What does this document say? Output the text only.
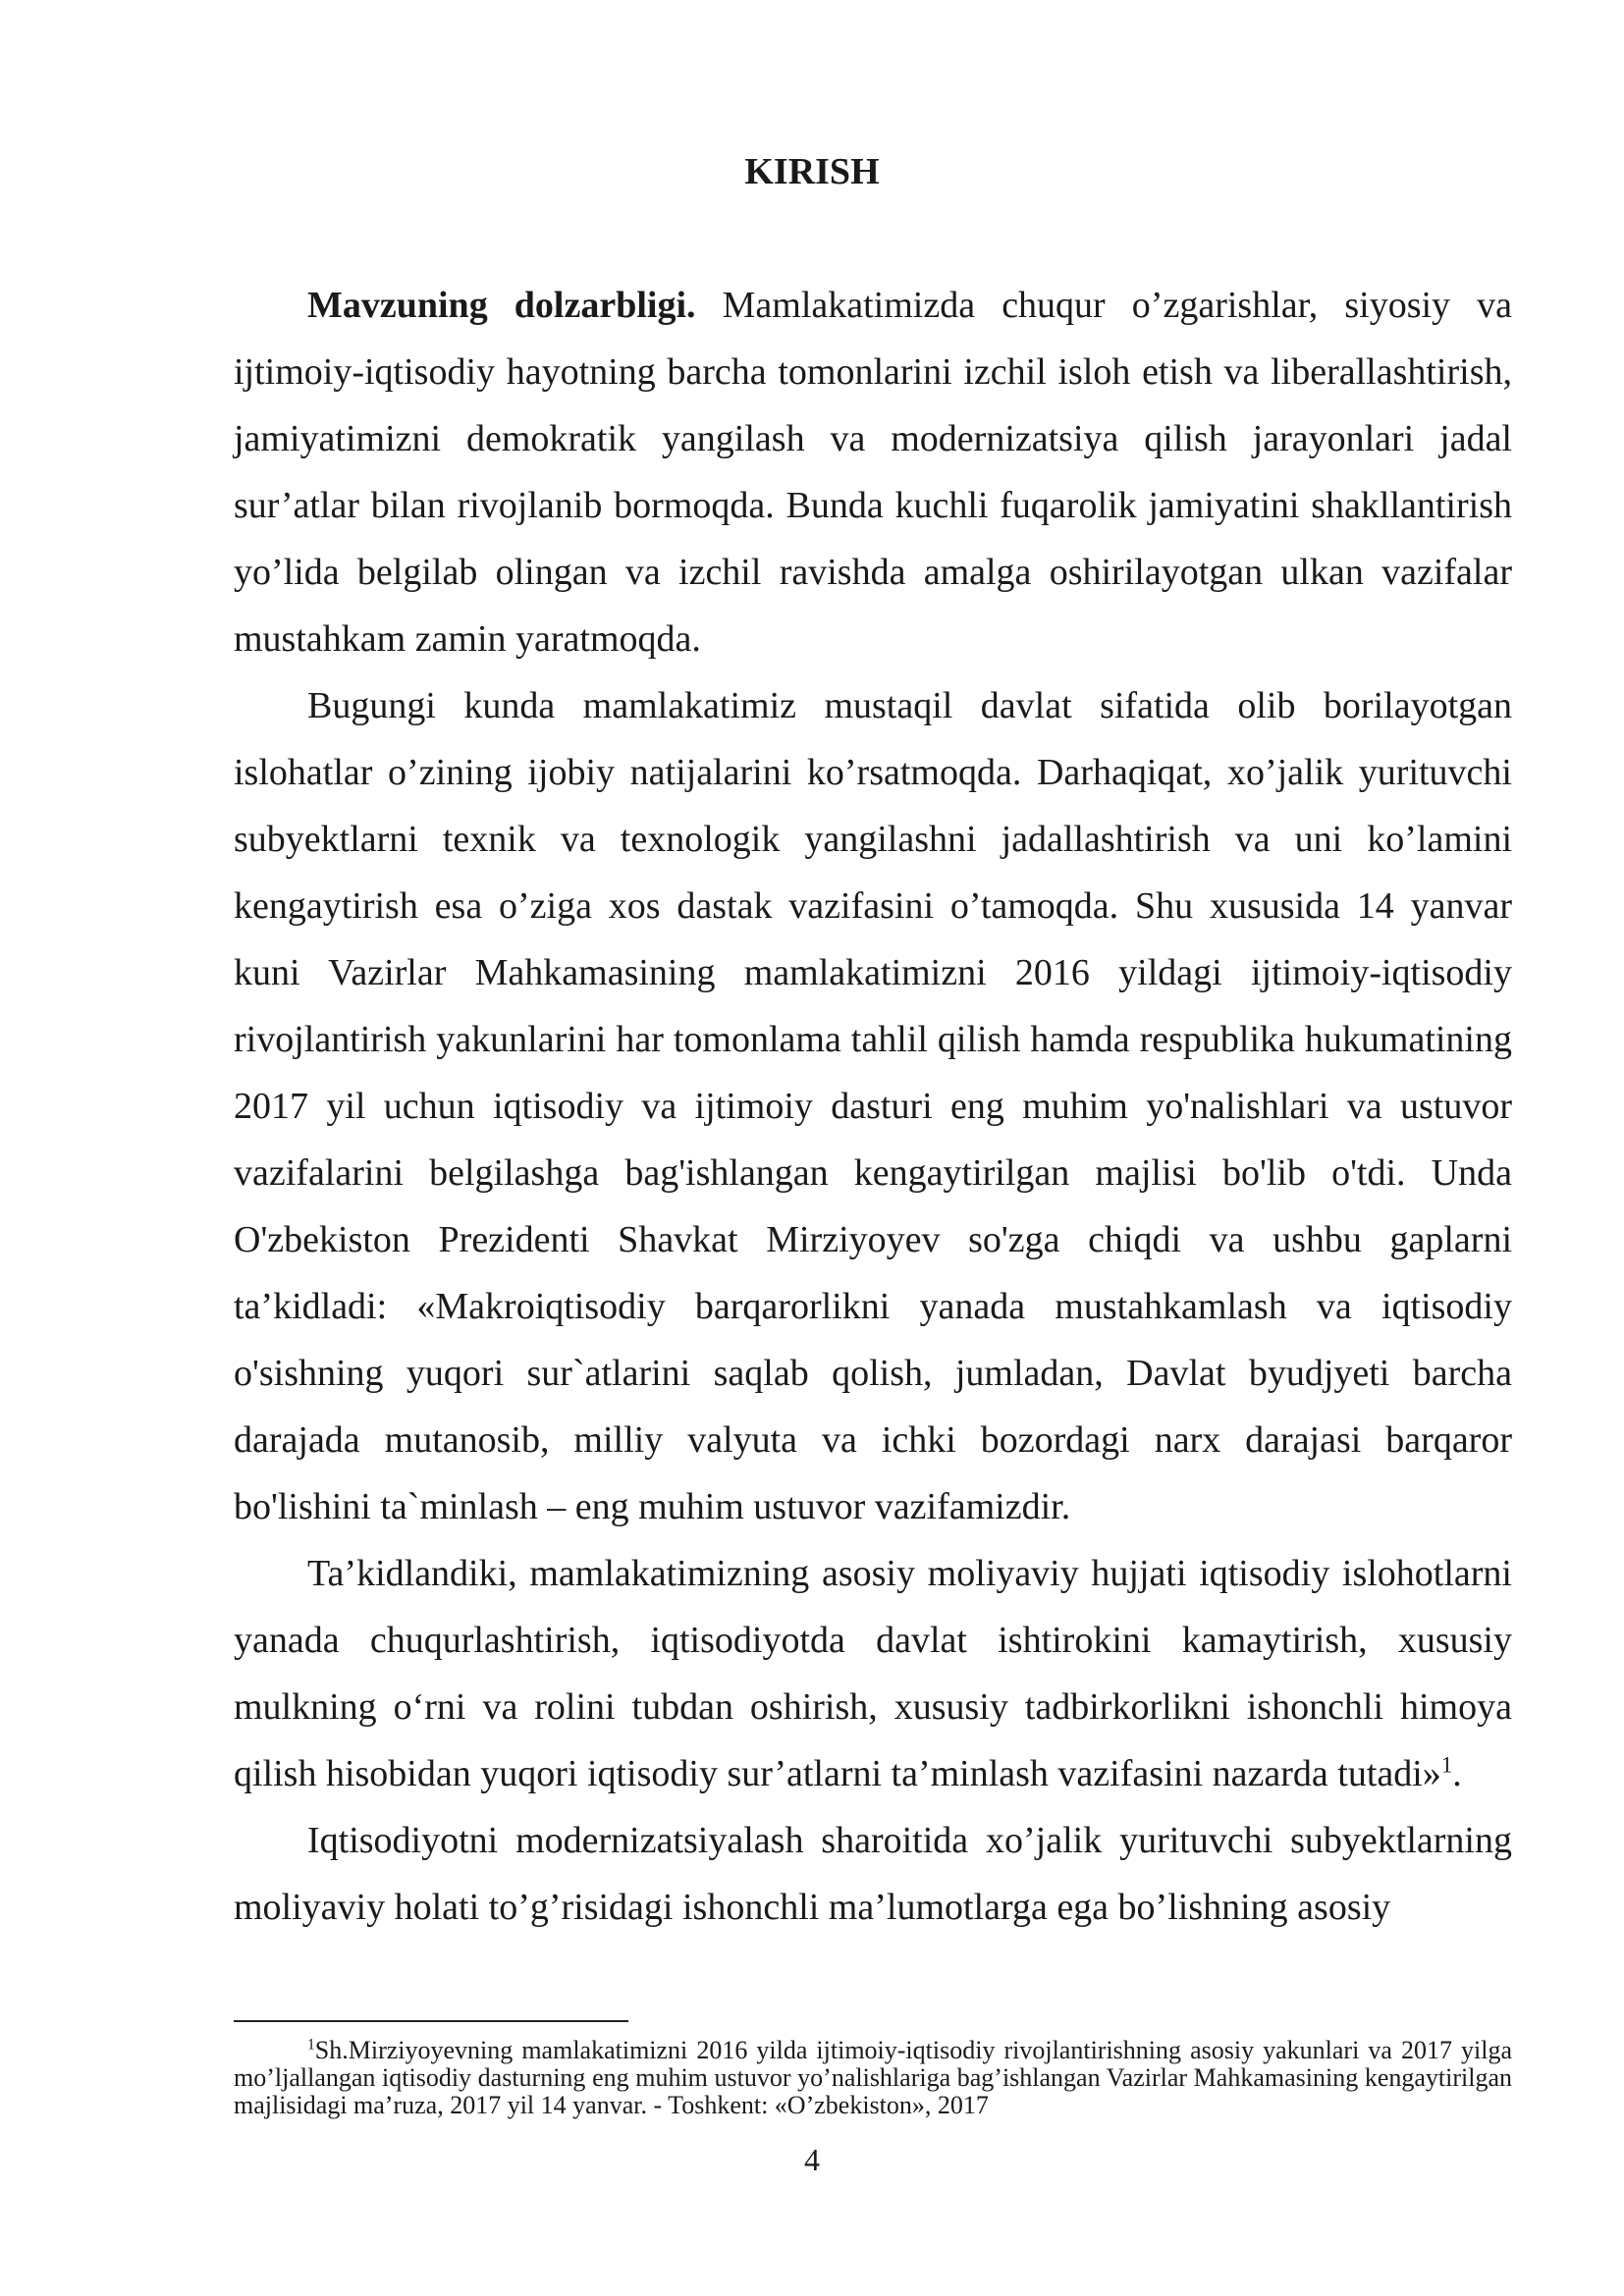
KIRISH

Mavzuning dolzarbligi. Mamlakatimizda chuqur o’zgarishlar, siyosiy va ijtimoiy-iqtisodiy hayotning barcha tomonlarini izchil isloh etish va liberallashtirish, jamiyatimizni demokratik yangilash va modernizatsiya qilish jarayonlari jadal sur’atlar bilan rivojlanib bormoqda. Bunda kuchli fuqarolik jamiyatini shakllantirish yo’lida belgilab olingan va izchil ravishda amalga oshirilayotgan ulkan vazifalar mustahkam zamin yaratmoqda.

Bugungi kunda mamlakatimiz mustaqil davlat sifatida olib borilayotgan islohatlar o’zining ijobiy natijalarini ko’rsatmoqda. Darhaqiqat, xo’jalik yurituvchi subyektlarni texnik va texnologik yangilashni jadallashtirish va uni ko’lamini kengaytirish esa o’ziga xos dastak vazifasini o’tamoqda. Shu xususida 14 yanvar kuni Vazirlar Mahkamasining mamlakatimizni 2016 yildagi ijtimoiy-iqtisodiy rivojlantirish yakunlarini har tomonlama tahlil qilish hamda respublika hukumatining 2017 yil uchun iqtisodiy va ijtimoiy dasturi eng muhim yo'nalishlari va ustuvor vazifalarini belgilashga bag'ishlangan kengaytirilgan majlisi bo'lib o'tdi. Unda O'zbekiston Prezidenti Shavkat Mirziyoyev so'zga chiqdi va ushbu gaplarni ta’kidladi: «Makroiqtisodiy barqarorlikni yanada mustahkamlash va iqtisodiy o'sishning yuqori sur`atlarini saqlab qolish, jumladan, Davlat byudjyeti barcha darajada mutanosib, milliy valyuta va ichki bozordagi narx darajasi barqaror bo'lishini ta`minlash – eng muhim ustuvor vazifamizdir.

Ta’kidlandiki, mamlakatimizning asosiy moliyaviy hujjati iqtisodiy islohotlarni yanada chuqurlashtirish, iqtisodiyotda davlat ishtirokini kamaytirish, xususiy mulkning o‘rni va rolini tubdan oshirish, xususiy tadbirkorlikni ishonchli himoya qilish hisobidan yuqori iqtisodiy sur’atlarni ta’minlash vazifasini nazarda tutadi»$^1$.

Iqtisodiyotni modernizatsiyalash sharoitida xo’jalik yurituvchi subyektlarning moliyaviy holati to’g’risidagi ishonchli ma’lumotlarga ega bo’lishning asosiy

$^1$Sh.Mirziyoyevning mamlakatimizni 2016 yilda ijtimoiy-iqtisodiy rivojlantirishning asosiy yakunlari va 2017 yilga mo’ljallangan iqtisodiy dasturning eng muhim ustuvor yo’nalishlariga bag’ishlangan Vazirlar Mahkamasining kengaytirilgan majlisidagi ma’ruza, 2017 yil 14 yanvar. - Toshkent: «O’zbekiston», 2017

4
